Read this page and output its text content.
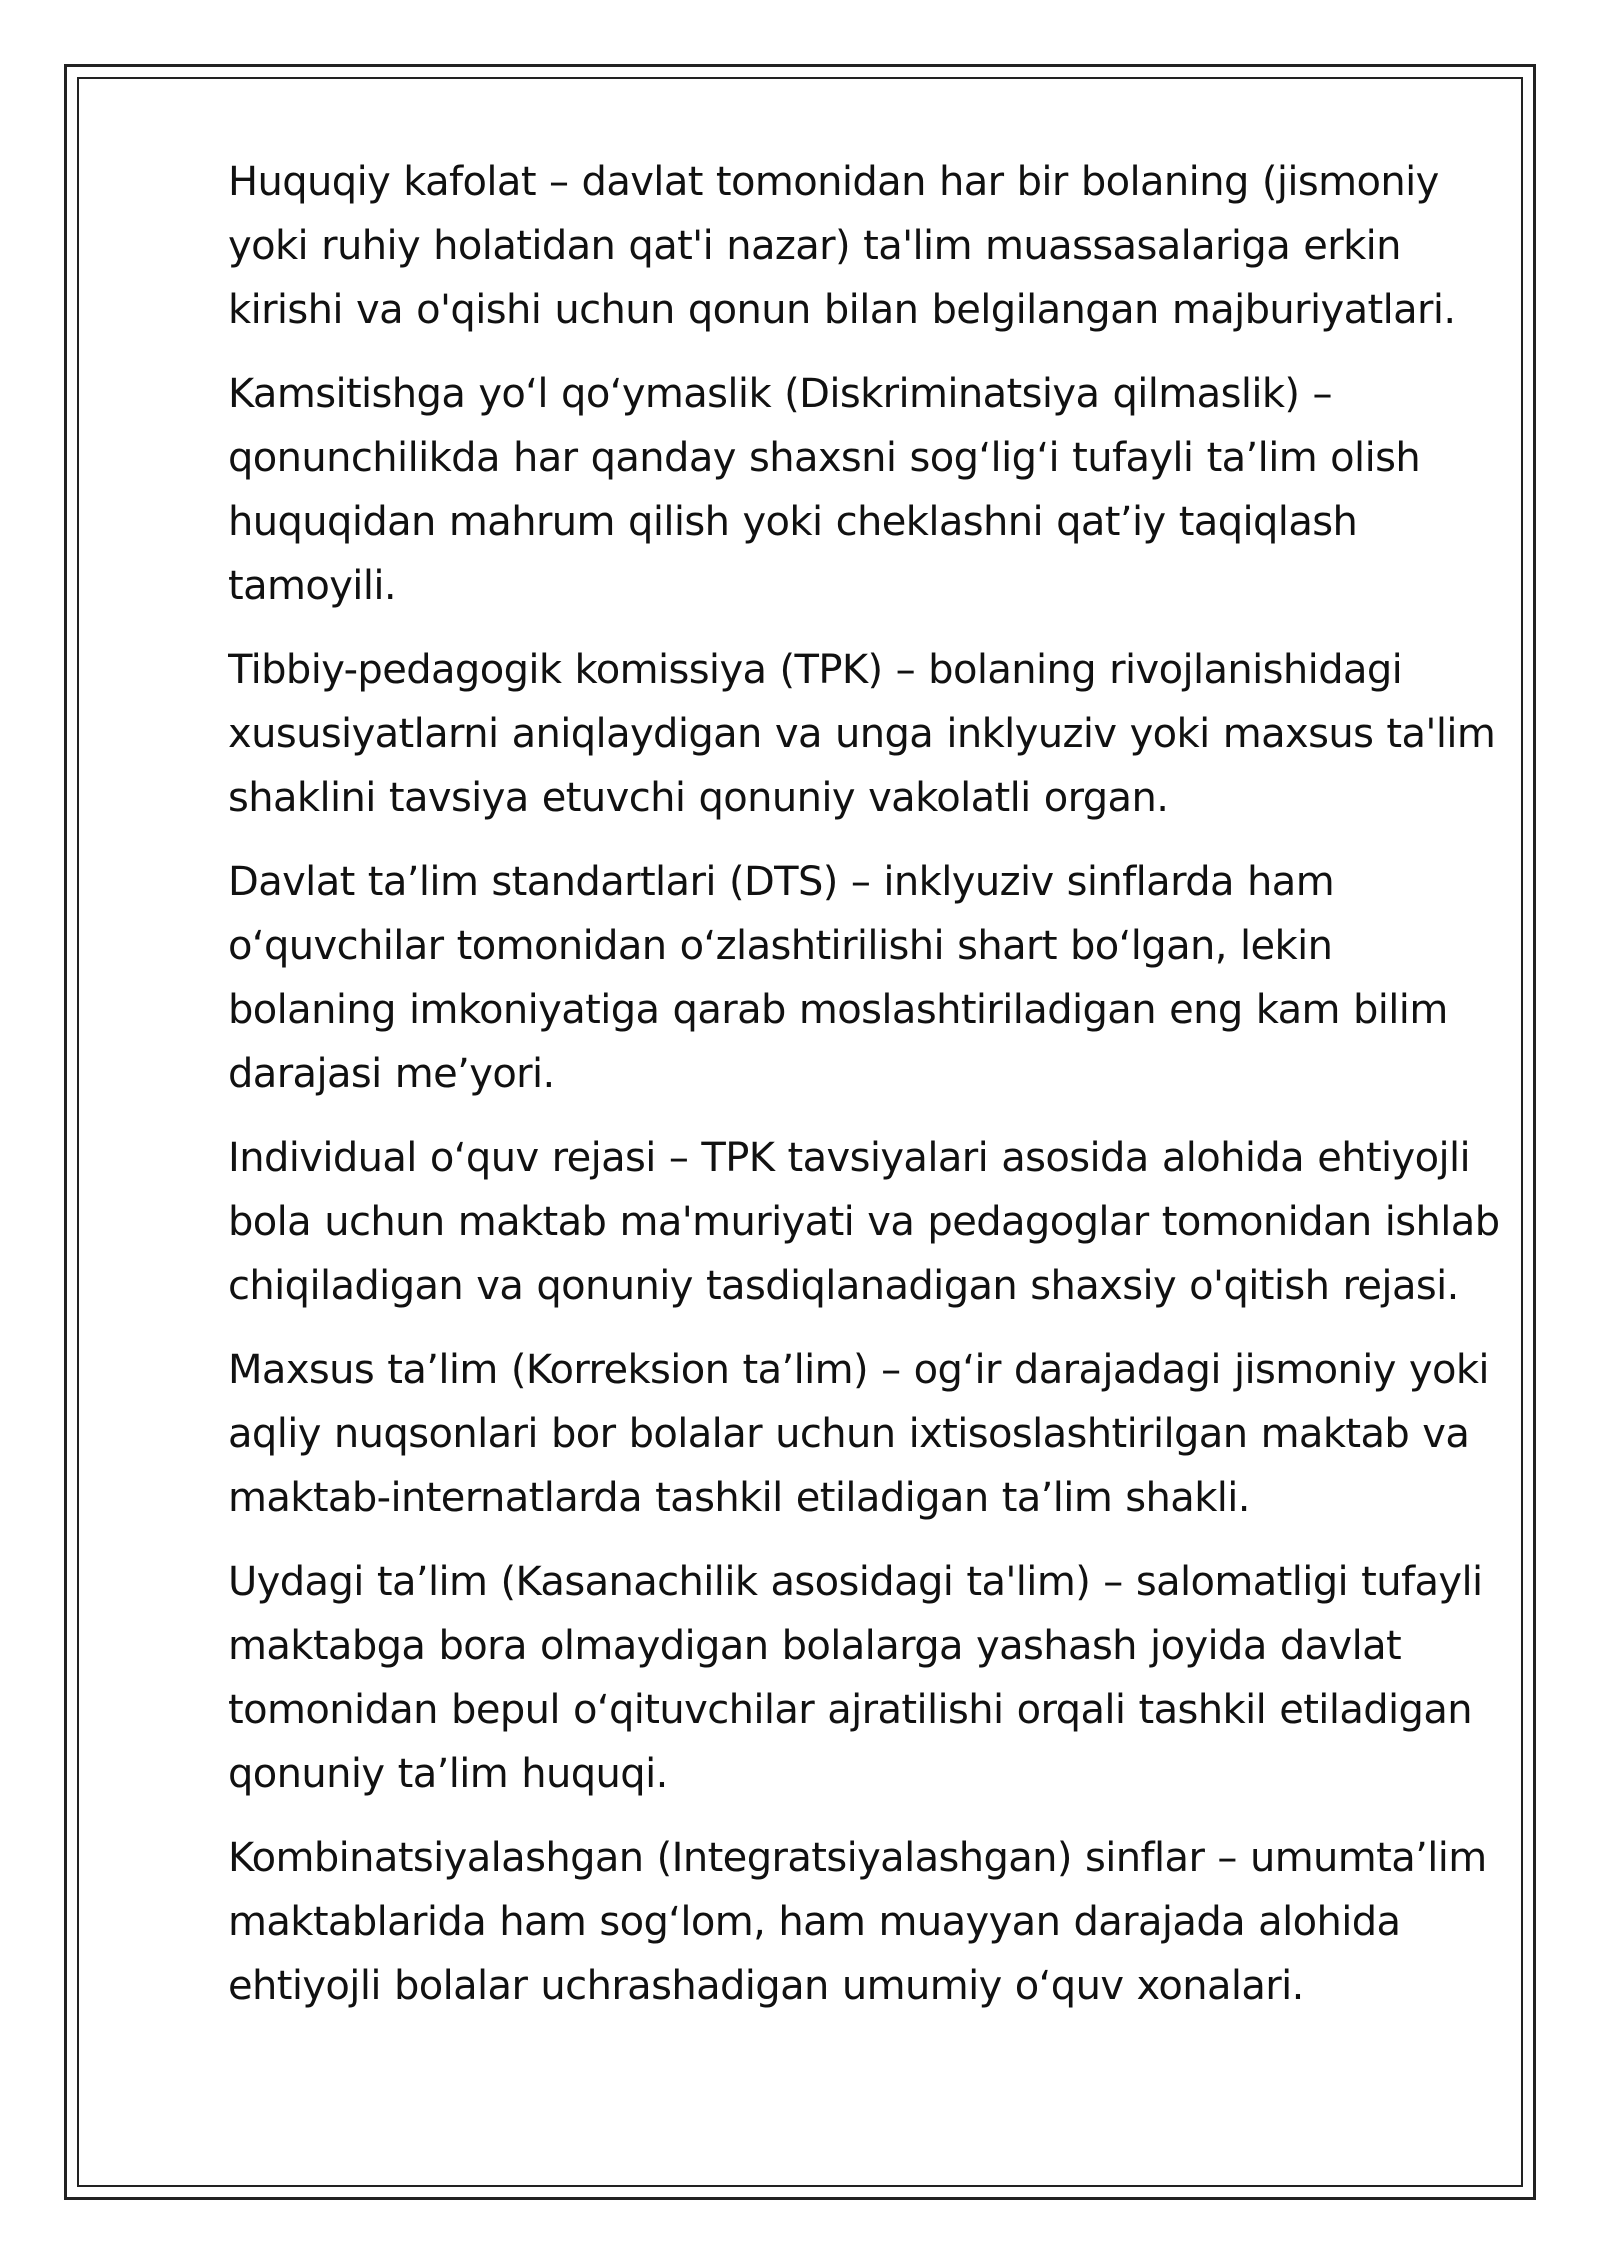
Huquqiy kafolat – davlat tomonidan har bir bolaning (jismoniy yoki ruhiy holatidan qat'i nazar) ta'lim muassasalariga erkin kirishi va o'qishi uchun qonun bilan belgilangan majburiyatlari.

Kamsitishga yoʻl qoʻymaslik (Diskriminatsiya qilmaslik) – qonunchilikda har qanday shaxsni sogʻligʻi tufayli ta’lim olish huquqidan mahrum qilish yoki cheklashni qat’iy taqiqlash tamoyili.

Tibbiy-pedagogik komissiya (TPK) – bolaning rivojlanishidagi xususiyatlarni aniqlaydigan va unga inklyuziv yoki maxsus ta'lim shaklini tavsiya etuvchi qonuniy vakolatli organ.

Davlat ta’lim standartlari (DTS) – inklyuziv sinflarda ham oʻquvchilar tomonidan oʻzlashtirilishi shart boʻlgan, lekin bolaning imkoniyatiga qarab moslashtiriladigan eng kam bilim darajasi me’yori.

Individual oʻquv rejasi – TPK tavsiyalari asosida alohida ehtiyojli bola uchun maktab ma'muriyati va pedagoglar tomonidan ishlab chiqiladigan va qonuniy tasdiqlanadigan shaxsiy o'qitish rejasi.

Maxsus ta’lim (Korreksion ta’lim) – ogʻir darajadagi jismoniy yoki aqliy nuqsonlari bor bolalar uchun ixtisoslashtirilgan maktab va maktab-internatlarda tashkil etiladigan ta’lim shakli.

Uydagi ta’lim (Kasanachilik asosidagi ta'lim) – salomatligi tufayli maktabga bora olmaydigan bolalarga yashash joyida davlat tomonidan bepul oʻqituvchilar ajratilishi orqali tashkil etiladigan qonuniy ta’lim huquqi.

Kombinatsiyalashgan (Integratsiyalashgan) sinflar – umumta’lim maktablarida ham sogʻlom, ham muayyan darajada alohida ehtiyojli bolalar uchrashadigan umumiy oʻquv xonalari.
